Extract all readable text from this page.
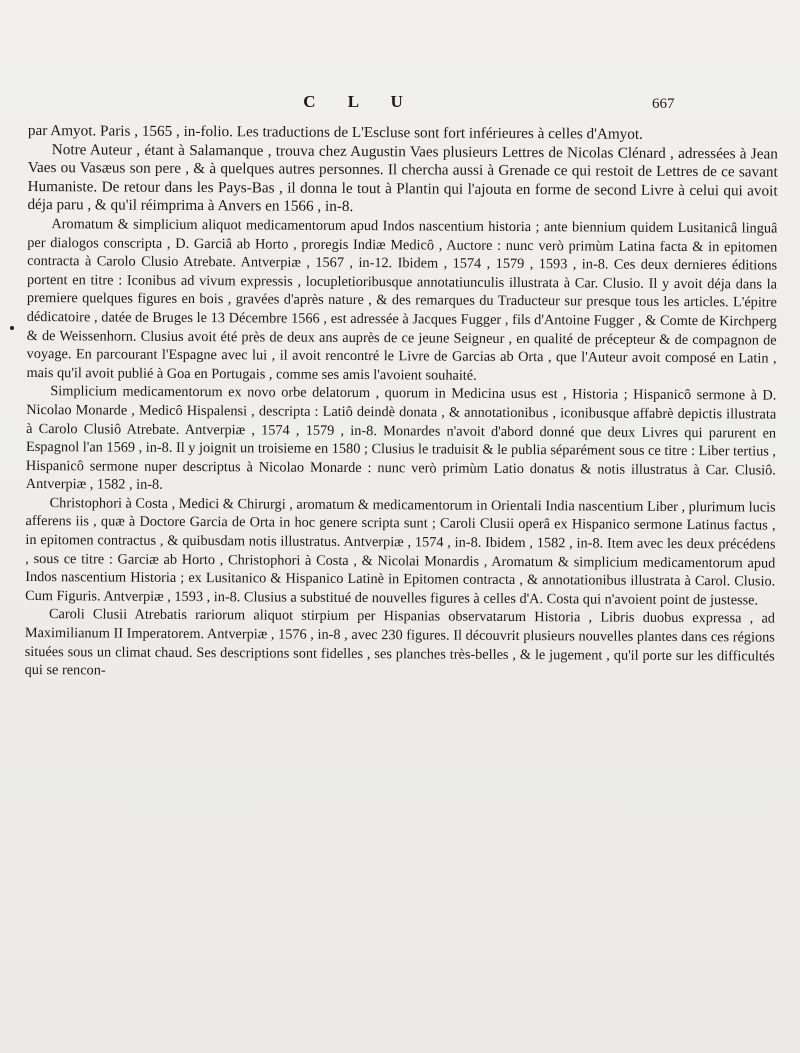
C L U	667

par Amyot. Paris , 1565 , in-folio. Les traductions de L'Escluse sont fort inférieures à celles d'Amyot.

Notre Auteur , étant à Salamanque , trouva chez Augustin Vaes plusieurs Lettres de Nicolas Clénard , adressées à Jean Vaes ou Vasæus son pere , & à quelques autres personnes. Il chercha aussi à Grenade ce qui restoit de Lettres de ce savant Humaniste. De retour dans les Pays-Bas , il donna le tout à Plantin qui l'ajouta en forme de second Livre à celui qui avoit déja paru , & qu'il réimprima à Anvers en 1566 , in-8.

Aromatum & simplicium aliquot medicamentorum apud Indos nascentium historia ; ante biennium quidem Lusitanicâ linguâ per dialogos conscripta , D. Garciâ ab Horto , proregis Indiæ Medicô , Auctore : nunc verò primùm Latina facta & in epitomen contracta à Carolo Clusio Atrebate. Antverpiæ , 1567 , in-12. Ibidem , 1574 , 1579 , 1593 , in-8. Ces deux dernieres éditions portent en titre : Iconibus ad vivum expressis , locupletioribusque annotatiunculis illustrata à Car. Clusio. Il y avoit déja dans la premiere quelques figures en bois , gravées d'après nature , & des remarques du Traducteur sur presque tous les articles. L'épitre dédicatoire , datée de Bruges le 13 Décembre 1566 , est adressée à Jacques Fugger , fils d'Antoine Fugger , & Comte de Kirchperg & de Weissenhorn. Clusius avoit été près de deux ans auprès de ce jeune Seigneur , en qualité de précepteur & de compagnon de voyage. En parcourant l'Espagne avec lui , il avoit rencontré le Livre de Garcias ab Orta , que l'Auteur avoit composé en Latin , mais qu'il avoit publié à Goa en Portugais , comme ses amis l'avoient souhaité.

Simplicium medicamentorum ex novo orbe delatorum , quorum in Medicina usus est , Historia ; Hispanicô sermone à D. Nicolao Monarde , Medicô Hispalensi , descripta : Latiô deindè donata , & annotationibus , iconibusque affabrè depictis illustrata à Carolo Clusiô Atrebate. Antverpiæ , 1574 , 1579 , in-8. Monardes n'avoit d'abord donné que deux Livres qui parurent en Espagnol l'an 1569 , in-8. Il y joignit un troisieme en 1580 ; Clusius le traduisit & le publia séparément sous ce titre : Liber tertius , Hispanicô sermone nuper descriptus à Nicolao Monarde : nunc verò primùm Latio donatus & notis illustratus à Car. Clusiô. Antverpiæ , 1582 , in-8.

Christophori à Costa , Medici & Chirurgi , aromatum & medicamentorum in Orientali India nascentium Liber , plurimum lucis afferens iis , quæ à Doctore Garcia de Orta in hoc genere scripta sunt ; Caroli Clusii operâ ex Hispanico sermone Latinus factus , in epitomen contractus , & quibusdam notis illustratus. Antverpiæ , 1574 , in-8. Ibidem , 1582 , in-8. Item avec les deux précédens , sous ce titre : Garciæ ab Horto , Christophori à Costa , & Nicolai Monardis , Aromatum & simplicium medicamentorum apud Indos nascentium Historia ; ex Lusitanico & Hispanico Latinè in Epitomen contracta , & annotationibus illustrata à Carol. Clusio. Cum Figuris. Antverpiæ , 1593 , in-8. Clusius a substitué de nouvelles figures à celles d'A. Costa qui n'avoient point de justesse.

Caroli Clusii Atrebatis rariorum aliquot stirpium per Hispanias observatarum Historia , Libris duobus expressa , ad Maximilianum II Imperatorem. Antverpiæ , 1576 , in-8 , avec 230 figures. Il découvrit plusieurs nouvelles plantes dans ces régions situées sous un climat chaud. Ses descriptions sont fidelles , ses planches très-belles , & le jugement , qu'il porte sur les difficultés qui se rencon-
